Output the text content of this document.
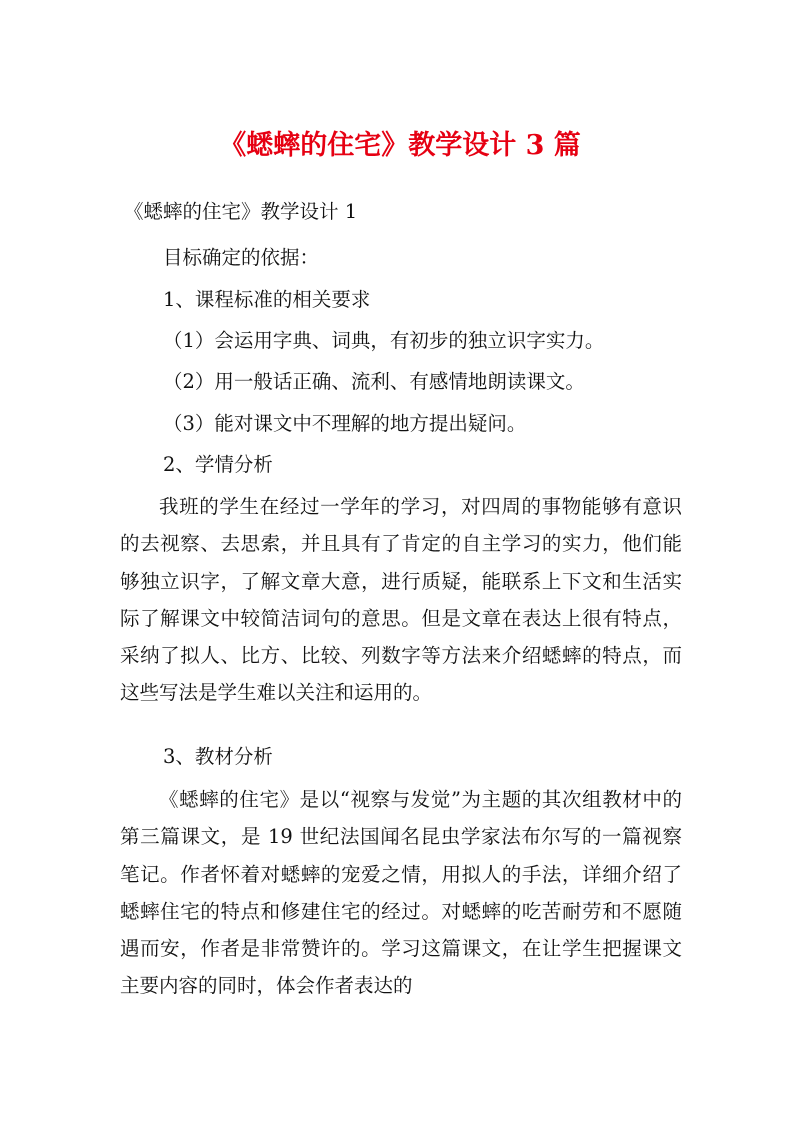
《蟋蟀的住宅》教学设计 3 篇
《蟋蟀的住宅》教学设计 1
目标确定的依据：
1、课程标准的相关要求
（1）会运用字典、词典，有初步的独立识字实力。
（2）用一般话正确、流利、有感情地朗读课文。
（3）能对课文中不理解的地方提出疑问。
2、学情分析

我班的学生在经过一学年的学习，对四周的事物能够有意识的去视察、去思索，并且具有了肯定的自主学习的实力，他们能够独立识字，了解文章大意，进行质疑，能联系上下文和生活实际了解课文中较简洁词句的意思。但是文章在表达上很有特点，采纳了拟人、比方、比较、列数字等方法来介绍蟋蟀的特点，而这些写法是学生难以关注和运用的。

3、教材分析

《蟋蟀的住宅》是以“视察与发觉”为主题的其次组教材中的第三篇课文，是 19 世纪法国闻名昆虫学家法布尔写的一篇视察笔记。作者怀着对蟋蟀的宠爱之情，用拟人的手法，详细介绍了蟋蟀住宅的特点和修建住宅的经过。对蟋蟀的吃苦耐劳和不愿随遇而安，作者是非常赞许的。学习这篇课文，在让学生把握课文主要内容的同时，体会作者表达的
